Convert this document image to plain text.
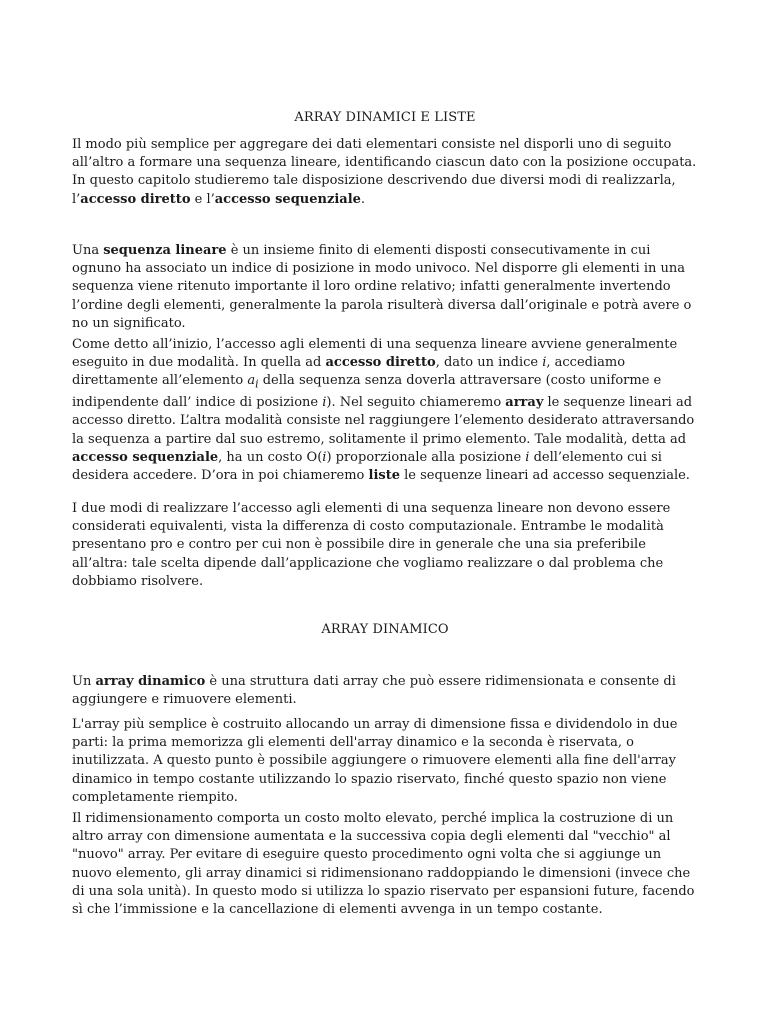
ARRAY DINAMICI E LISTE

Il modo più semplice per aggregare dei dati elementari consiste nel disporli uno di seguito all’altro a formare una sequenza lineare, identificando ciascun dato con la posizione occupata. In questo capitolo studieremo tale disposizione descrivendo due diversi modi di realizzarla, l’accesso diretto e l’accesso sequenziale.

Una sequenza lineare è un insieme finito di elementi disposti consecutivamente in cui ognuno ha associato un indice di posizione in modo univoco. Nel disporre gli elementi in una sequenza viene ritenuto importante il loro ordine relativo; infatti generalmente invertendo l’ordine degli elementi, generalmente la parola risulterà diversa dall’originale e potrà avere o no un significato.

Come detto all’inizio, l’accesso agli elementi di una sequenza lineare avviene generalmente eseguito in due modalità. In quella ad accesso diretto, dato un indice i, accediamo direttamente all’elemento $a_i$ della sequenza senza doverla attraversare (costo uniforme e indipendente dall’ indice di posizione i). Nel seguito chiameremo array le sequenze lineari ad accesso diretto. L’altra modalità consiste nel raggiungere l’elemento desiderato attraversando la sequenza a partire dal suo estremo, solitamente il primo elemento. Tale modalità, detta ad accesso sequenziale, ha un costo O(i) proporzionale alla posizione i dell’elemento cui si desidera accedere. D’ora in poi chiameremo liste le sequenze lineari ad accesso sequenziale.

I due modi di realizzare l’accesso agli elementi di una sequenza lineare non devono essere considerati equivalenti, vista la differenza di costo computazionale. Entrambe le modalità presentano pro e contro per cui non è possibile dire in generale che una sia preferibile all’altra: tale scelta dipende dall’applicazione che vogliamo realizzare o dal problema che dobbiamo risolvere.

ARRAY DINAMICO

Un array dinamico è una struttura dati array che può essere ridimensionata e consente di aggiungere e rimuovere elementi.

L'array più semplice è costruito allocando un array di dimensione fissa e dividendolo in due parti: la prima memorizza gli elementi dell'array dinamico e la seconda è riservata, o inutilizzata. A questo punto è possibile aggiungere o rimuovere elementi alla fine dell'array dinamico in tempo costante utilizzando lo spazio riservato, finché questo spazio non viene completamente riempito.

Il ridimensionamento comporta un costo molto elevato, perché implica la costruzione di un altro array con dimensione aumentata e la successiva copia degli elementi dal "vecchio" al "nuovo" array. Per evitare di eseguire questo procedimento ogni volta che si aggiunge un nuovo elemento, gli array dinamici si ridimensionano raddoppiando le dimensioni (invece che di una sola unità). In questo modo si utilizza lo spazio riservato per espansioni future, facendo sì che l’immissione e la cancellazione di elementi avvenga in un tempo costante.
